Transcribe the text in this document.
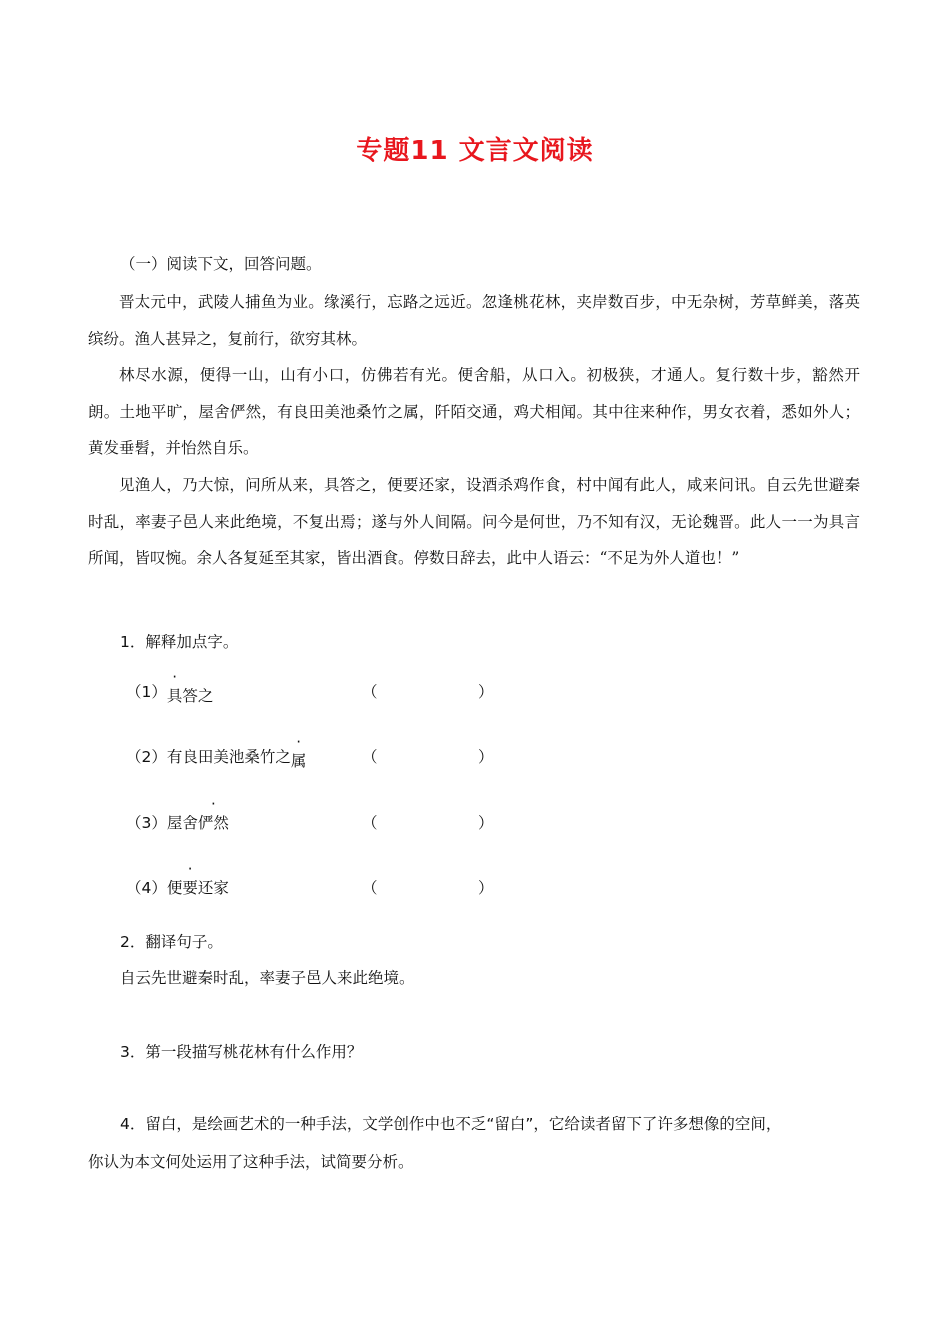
专题11 文言文阅读
（一）阅读下文，回答问题。
晋太元中，武陵人捕鱼为业。缘溪行，忘路之远近。忽逢桃花林，夹岸数百步，中无杂树，芳草鲜美，落英缤纷。渔人甚异之，复前行，欲穷其林。
林尽水源，便得一山，山有小口，仿佛若有光。便舍船，从口入。初极狭，才通人。复行数十步，豁然开朗。土地平旷，屋舍俨然，有良田美池桑竹之属，阡陌交通，鸡犬相闻。其中往来种作，男女衣着，悉如外人；黄发垂髫，并怡然自乐。
见渔人，乃大惊，问所从来，具答之，便要还家，设酒杀鸡作食，村中闻有此人，咸来问讯。自云先世避秦时乱，率妻子邑人来此绝境，不复出焉；遂与外人间隔。问今是何世，乃不知有汉，无论魏晋。此人一一为具言所闻，皆叹惋。余人各复延至其家，皆出酒食。停数日辞去，此中人语云：“不足为外人道也！”
1．解释加点字。
（1）具答之	（	）
（2）有良田美池桑竹之属	（	）
（3）屋舍俨然	（	）
（4）便要还家	（	）
2．翻译句子。
自云先世避秦时乱，率妻子邑人来此绝境。
3．第一段描写桃花林有什么作用？
4．留白，是绘画艺术的一种手法，文学创作中也不乏“留白”，它给读者留下了许多想像的空间，
你认为本文何处运用了这种手法，试简要分析。
